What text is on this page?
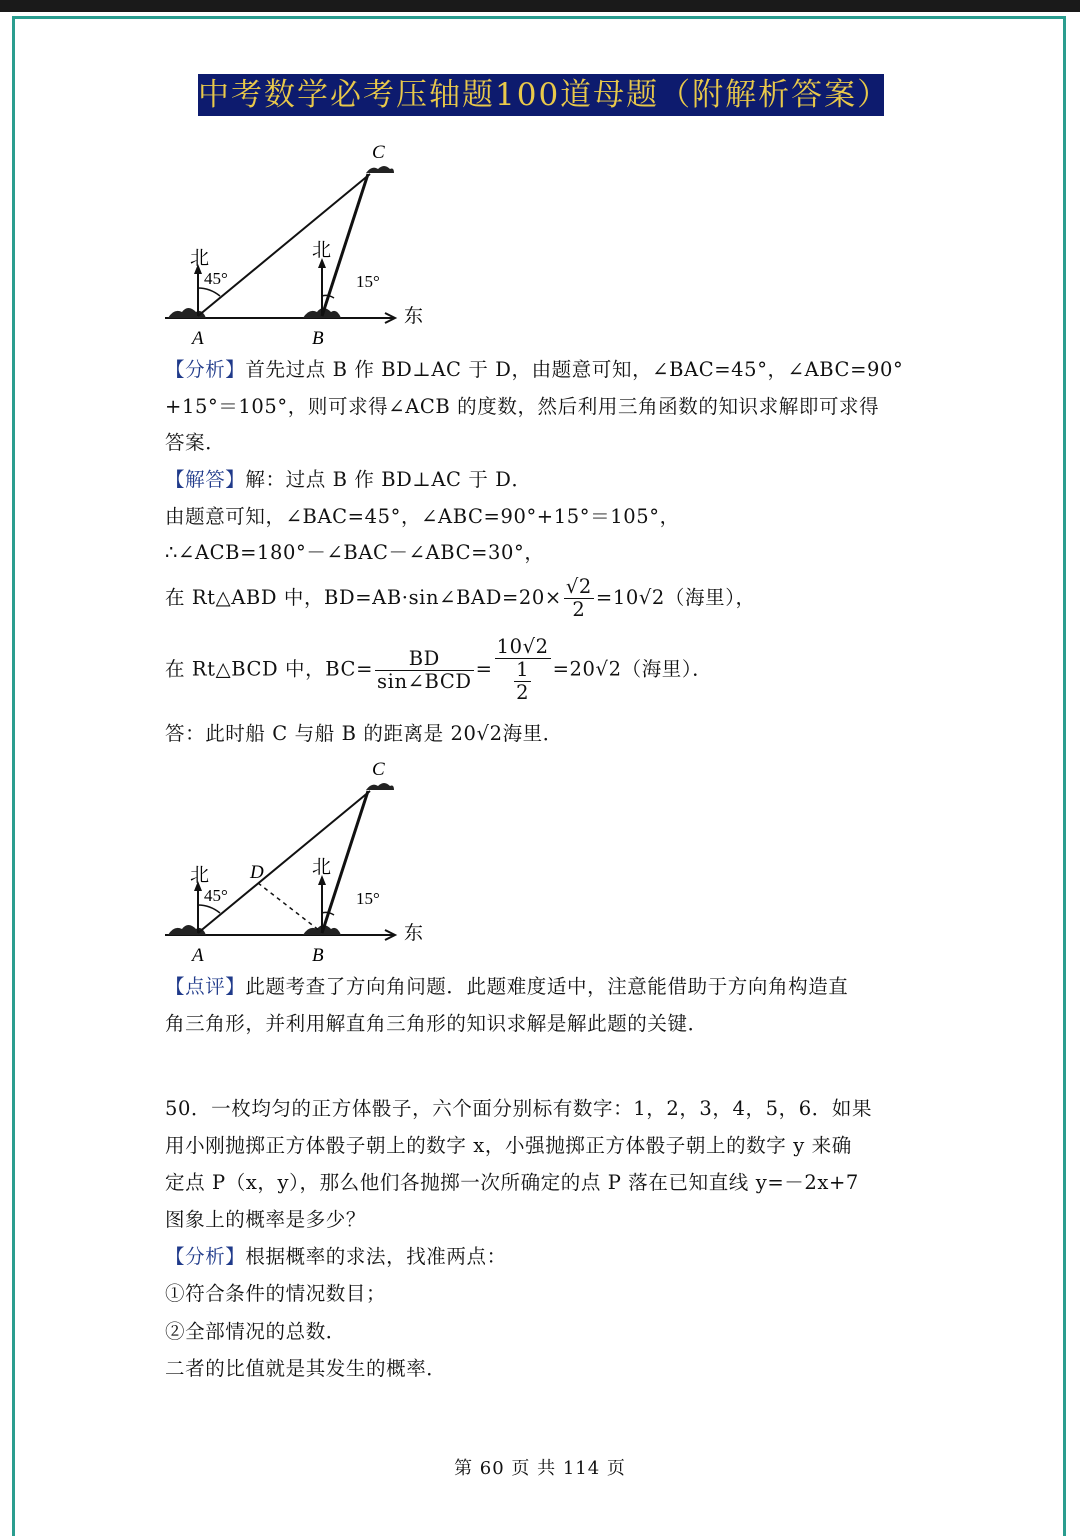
中考数学必考压轴题100道母题（附解析答案）
C
A	B
北	北
东
45°	15°
【分析】首先过点 B 作 BD⊥AC 于 D，由题意可知，∠BAC=45°，∠ABC=90°
+15°＝105°，则可求得∠ACB 的度数，然后利用三角函数的知识求解即可求得
答案．
【解答】解：过点 B 作 BD⊥AC 于 D．
由题意可知，∠BAC=45°，∠ABC=90°+15°＝105°，
∴∠ACB=180°－∠BAC－∠ABC=30°，
在 Rt△ABD 中，BD=AB·sin∠BAD=20× $\frac{√2}{2} =10√2$（海里），
在 Rt△BCD 中，$BC= \frac{BD}{\text{sin∠BCD}} = \frac{10√2}{\frac{1}{2}} =20√2$（海里）．
答：此时船 C 与船 B 的距离是 20√2海里．
C
D
A	B
北	北
东
45°	15°
【点评】此题考查了方向角问题．此题难度适中，注意能借助于方向角构造直
角三角形，并利用解直角三角形的知识求解是解此题的关键．
50．一枚均匀的正方体骰子，六个面分别标有数字：1，2，3，4，5，6．如果
用小刚抛掷正方体骰子朝上的数字 x，小强抛掷正方体骰子朝上的数字 y 来确
定点 P（x，y），那么他们各抛掷一次所确定的点 P 落在已知直线 y=－2x+7
图象上的概率是多少？
【分析】根据概率的求法，找准两点：
①符合条件的情况数目；
②全部情况的总数．
二者的比值就是其发生的概率．
第 60 页 共 114 页
